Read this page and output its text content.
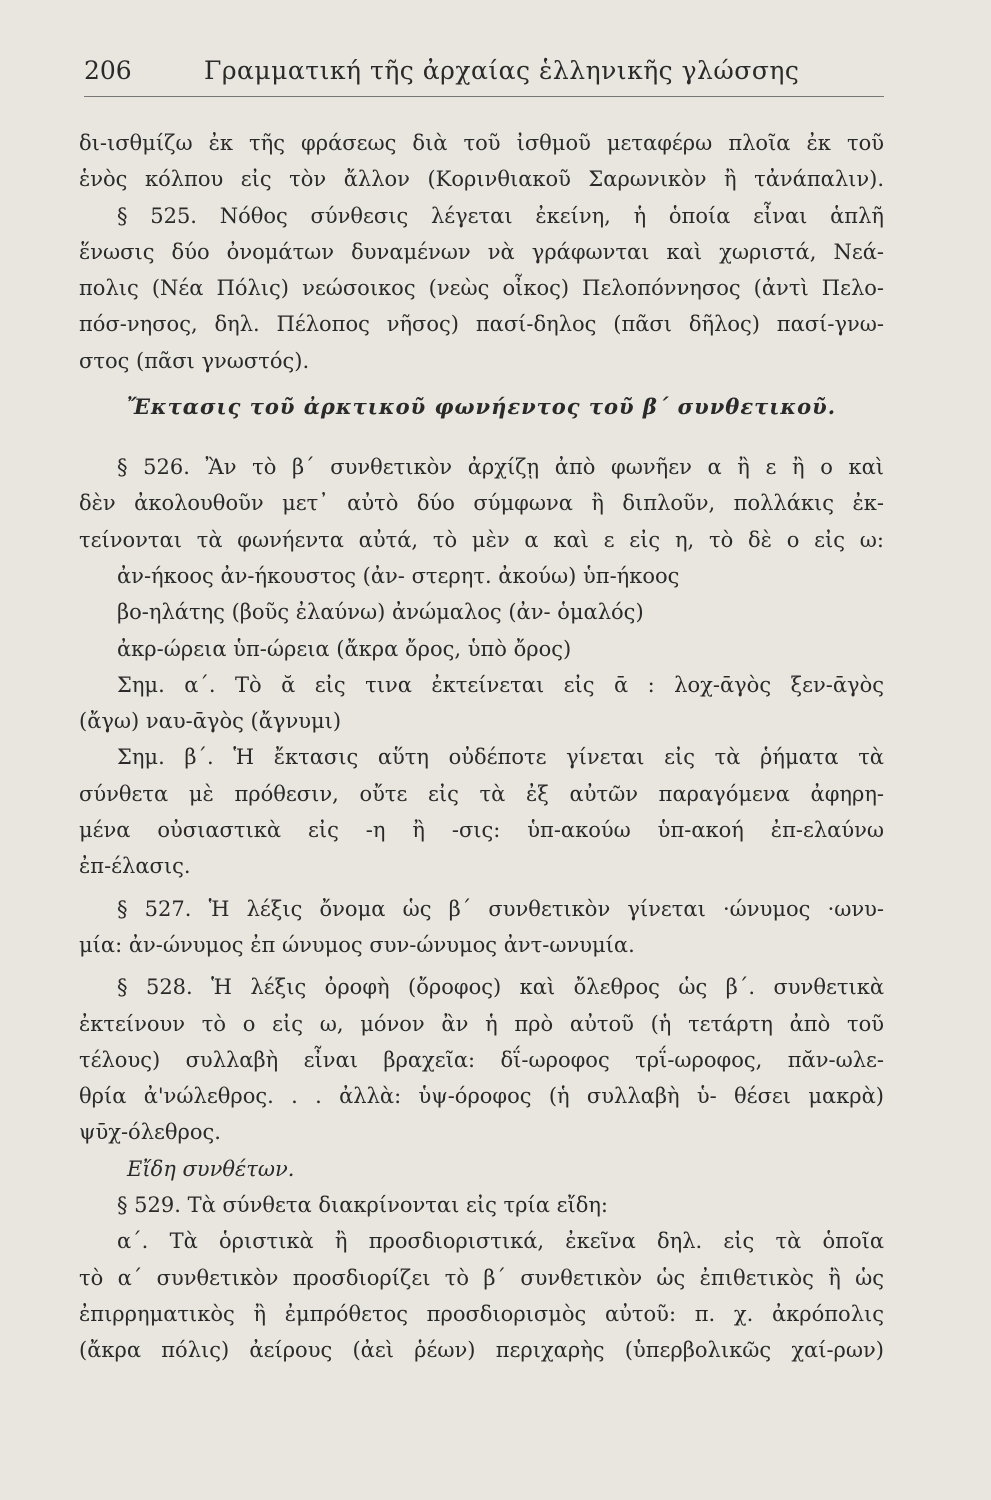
206	Γραμματική τῆς ἀρχαίας ἑλληνικῆς γλώσσης
δι-ισθμίζω ἐκ τῆς φράσεως διὰ τοῦ ἰσθμοῦ μεταφέρω πλοῖα ἐκ τοῦ
ἑνὸς κόλπου εἰς τὸν ἄλλον (Κορινθιακοῦ Σαρωνικὸν ἢ τἀνάπαλιν).
§ 525. Νόθος σύνθεσις λέγεται ἐκείνη, ἡ ὁποία εἶναι ἁπλῆ
ἕνωσις δύο ὀνομάτων δυναμένων νὰ γράφωνται καὶ χωριστά, Νεά-
πολις (Νέα Πόλις) νεώσοικος (νεὼς οἶκος) Πελοπόννησος (ἀντὶ Πελο-
πόσ-νησος, δηλ. Πέλοπος νῆσος) πασί-δηλος (πᾶσι δῆλος) πασί-γνω-
στος (πᾶσι γνωστός).
Ἔκτασις τοῦ ἀρκτικοῦ φωνήεντος τοῦ β΄ συνθετικοῦ.
§ 526. Ἂν τὸ β΄ συνθετικὸν ἀρχίζῃ ἀπὸ φωνῆεν α ἢ ε ἢ ο καὶ
δὲν ἀκολουθοῦν μετ᾽ αὐτὸ δύο σύμφωνα ἢ διπλοῦν, πολλάκις ἐκ-
τείνονται τὰ φωνήεντα αὐτά, τὸ μὲν α καὶ ε εἰς η, τὸ δὲ ο εἰς ω:
ἀν-ήκοος ἀν-ήκουστος (ἀν- στερητ. ἀκούω) ὑπ-ήκοος
βο-ηλάτης (βοῦς ἐλαύνω) ἀνώμαλος (ἀν- ὁμαλός)
ἀκρ-ώρεια ὑπ-ώρεια (ἄκρα ὄρος, ὑπὸ ὄρος)
Σημ. α΄. Τὸ ᾰ εἰς τινα ἐκτείνεται εἰς ᾱ : λοχ-ᾱγὸς ξεν-ᾱγὸς
(ἄγω) ναυ-ᾱγὸς (ἄγνυμι)
Σημ. β΄. Ἡ ἔκτασις αὕτη οὐδέποτε γίνεται εἰς τὰ ῥήματα τὰ
σύνθετα μὲ πρόθεσιν, οὔτε εἰς τὰ ἐξ αὐτῶν παραγόμενα ἀφηρη-
μένα οὐσιαστικὰ εἰς -η ἢ -σις: ὑπ-ακούω ὑπ-ακοή ἐπ-ελαύνω
ἐπ-έλασις.
§ 527. Ἡ λέξις ὄνομα ὡς β΄ συνθετικὸν γίνεται ·ώνυμος ·ωνυ-
μία: ἀν-ώνυμος ἐπ ώνυμος συν-ώνυμος ἀντ-ωνυμία.
§ 528. Ἡ λέξις ὀροφὴ (ὄροφος) καὶ ὄλεθρος ὡς β΄. συνθετικὰ
ἐκτείνουν τὸ ο εἰς ω, μόνον ἂν ἡ πρὸ αὐτοῦ (ἡ τετάρτη ἀπὸ τοῦ
τέλους) συλλαβὴ εἶναι βραχεῖα: δΐ-ωροφος τρΐ-ωροφος, πᾰν-ωλε-
θρία ἀ'νώλεθρος. . . ἀλλὰ: ὑψ-όροφος (ἡ συλλαβὴ ὑ- θέσει μακρὰ)
ψῡχ-όλεθρος.
Εἴδη συνθέτων.
§ 529. Τὰ σύνθετα διακρίνονται εἰς τρία εἴδη:
α΄. Τὰ ὁριστικὰ ἢ προσδιοριστικά, ἐκεῖνα δηλ. εἰς τὰ ὁποῖα
τὸ α΄ συνθετικὸν προσδιορίζει τὸ β΄ συνθετικὸν ὡς ἐπιθετικὸς ἢ ὡς
ἐπιρρηματικὸς ἢ ἐμπρόθετος προσδιορισμὸς αὐτοῦ: π. χ. ἀκρόπολις
(ἄκρα πόλις) ἀείρους (ἀεὶ ῥέων) περιχαρὴς (ὑπερβολικῶς χαί-ρων)
